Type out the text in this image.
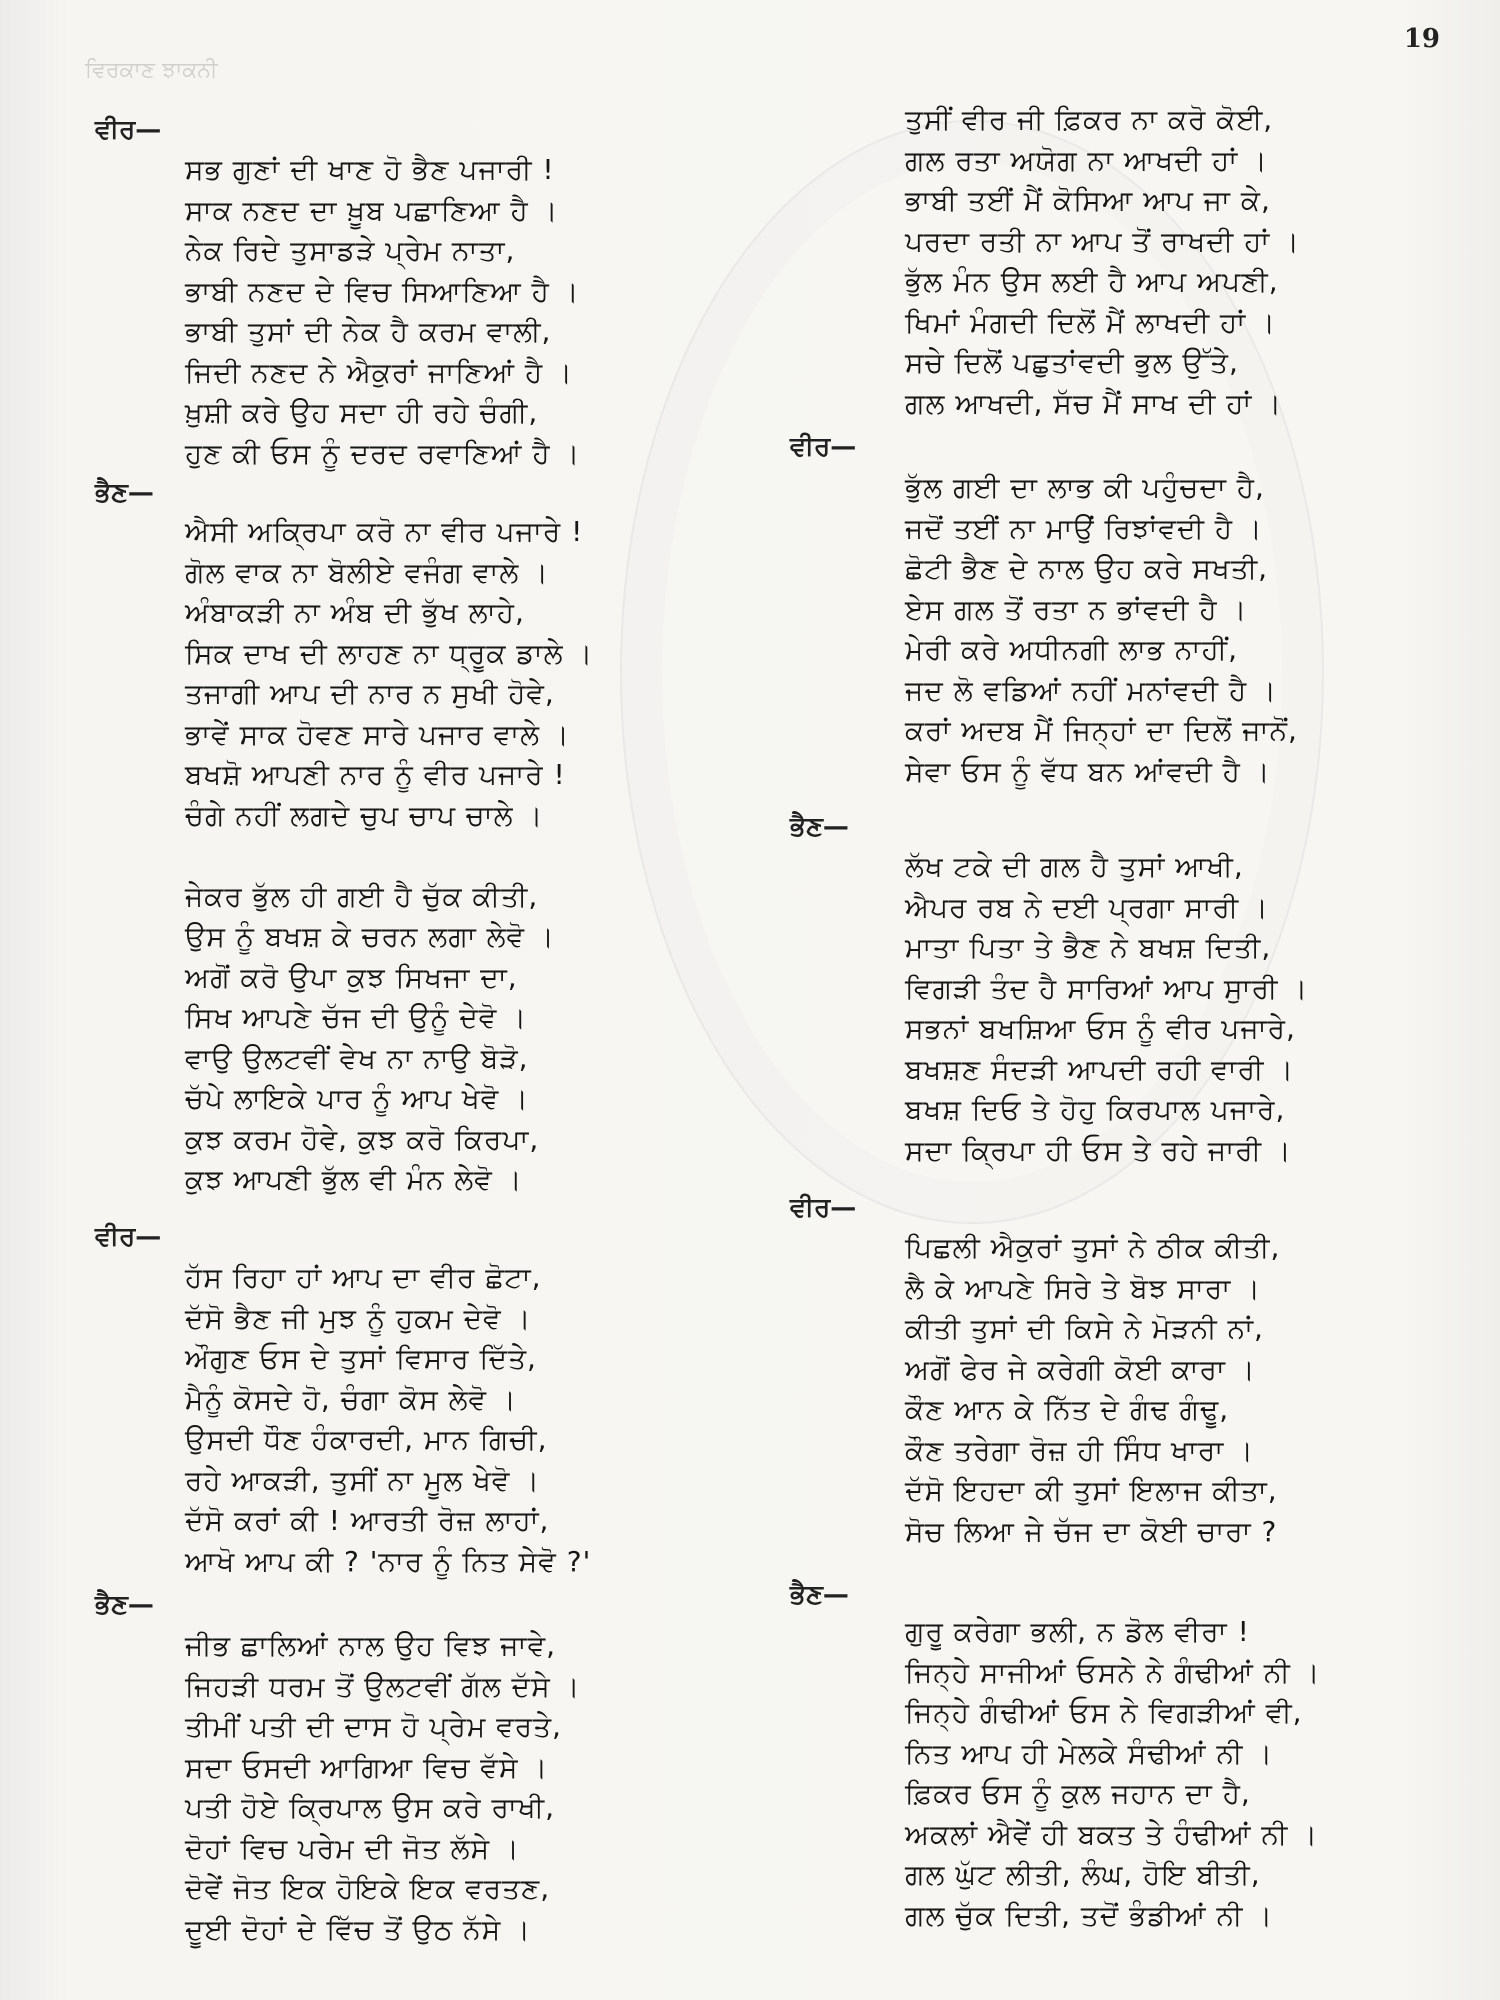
ਵਿਰਕਾਣ ਝਾਕਨੀ
19
ਵੀਰ—
ਸਭ ਗੁਣਾਂ ਦੀ ਖਾਣ ਹੋ ਭੈਣ ਪਜਾਰੀ !
ਸਾਕ ਨਣਦ ਦਾ ਖ਼ੂਬ ਪਛਾਣਿਆ ਹੈ ।
ਨੇਕ ਰਿਦੇ ਤੁਸਾਡੜੇ ਪ੍ਰੇਮ ਨਾਤਾ,
ਭਾਬੀ ਨਣਦ ਦੇ ਵਿਚ ਸਿਆਣਿਆ ਹੈ ।
ਭਾਬੀ ਤੁਸਾਂ ਦੀ ਨੇਕ ਹੈ ਕਰਮ ਵਾਲੀ,
ਜਿਦੀ ਨਣਦ ਨੇ ਐਕੁਰਾਂ ਜਾਣਿਆਂ ਹੈ ।
ਖ਼ੁਸ਼ੀ ਕਰੇ ਉਹ ਸਦਾ ਹੀ ਰਹੇ ਚੰਗੀ,
ਹੁਣ ਕੀ ਓਸ ਨੂੰ ਦਰਦ ਰਵਾਣਿਆਂ ਹੈ ।
ਭੈਣ—
ਐਸੀ ਅਕ੍ਰਿਪਾ ਕਰੋ ਨਾ ਵੀਰ ਪਜਾਰੇ !
ਗੋਲ ਵਾਕ ਨਾ ਬੋਲੀਏ ਵਜੰਗ ਵਾਲੇ ।
ਅੰਬਾਕੜੀ ਨਾ ਅੰਬ ਦੀ ਭੁੱਖ ਲਾਹੇ,
ਸਿਕ ਦਾਖ ਦੀ ਲਾਹਣ ਨਾ ਧ੍ਰੂਕ ਡਾਲੇ ।
ਤਜਾਗੀ ਆਪ ਦੀ ਨਾਰ ਨ ਸੁਖੀ ਹੋਵੇ,
ਭਾਵੇਂ ਸਾਕ ਹੋਵਣ ਸਾਰੇ ਪਜਾਰ ਵਾਲੇ ।
ਬਖਸ਼ੋ ਆਪਣੀ ਨਾਰ ਨੂੰ ਵੀਰ ਪਜਾਰੇ !
ਚੰਗੇ ਨਹੀਂ ਲਗਦੇ ਚੁਪ ਚਾਪ ਚਾਲੇ ।
ਜੇਕਰ ਭੁੱਲ ਹੀ ਗਈ ਹੈ ਚੁੱਕ ਕੀਤੀ,
ਉਸ ਨੂੰ ਬਖਸ਼ ਕੇ ਚਰਨ ਲਗਾ ਲੇਵੋ ।
ਅਗੋਂ ਕਰੋ ਉਪਾ ਕੁਝ ਸਿਖਜਾ ਦਾ,
ਸਿਖ ਆਪਣੇ ਚੱਜ ਦੀ ਉਨੂੰ ਦੇਵੋ ।
ਵਾਉ ਉਲਟਵੀਂ ਵੇਖ ਨਾ ਨਾਉ ਬੋੜੋ,
ਚੱਪੇ ਲਾਇਕੇ ਪਾਰ ਨੂੰ ਆਪ ਖੇਵੋ ।
ਕੁਝ ਕਰਮ ਹੋਵੇ, ਕੁਝ ਕਰੋ ਕਿਰਪਾ,
ਕੁਝ ਆਪਣੀ ਭੁੱਲ ਵੀ ਮੰਨ ਲੇਵੋ ।
ਵੀਰ—
ਹੱਸ ਰਿਹਾ ਹਾਂ ਆਪ ਦਾ ਵੀਰ ਛੋਟਾ,
ਦੱਸੋ ਭੈਣ ਜੀ ਮੁਝ ਨੂੰ ਹੁਕਮ ਦੇਵੋ ।
ਔਗੁਣ ਓਸ ਦੇ ਤੁਸਾਂ ਵਿਸਾਰ ਦਿੱਤੇ,
ਮੈਨੂੰ ਕੋਸਦੇ ਹੋ, ਚੰਗਾ ਕੋਸ ਲੇਵੋ ।
ਉਸਦੀ ਧੌਣ ਹੰਕਾਰਦੀ, ਮਾਨ ਗਿਚੀ,
ਰਹੇ ਆਕੜੀ, ਤੁਸੀਂ ਨਾ ਮੂਲ ਖੇਵੋ ।
ਦੱਸੋ ਕਰਾਂ ਕੀ ! ਆਰਤੀ ਰੋਜ਼ ਲਾਹਾਂ,
ਆਖੋ ਆਪ ਕੀ ? 'ਨਾਰ ਨੂੰ ਨਿਤ ਸੇਵੋ ?'
ਭੈਣ—
ਜੀਭ ਛਾਲਿਆਂ ਨਾਲ ਉਹ ਵਿਝ ਜਾਵੇ,
ਜਿਹੜੀ ਧਰਮ ਤੋਂ ਉਲਟਵੀਂ ਗੱਲ ਦੱਸੇ ।
ਤੀਮੀਂ ਪਤੀ ਦੀ ਦਾਸ ਹੋ ਪ੍ਰੇਮ ਵਰਤੇ,
ਸਦਾ ਓਸਦੀ ਆਗਿਆ ਵਿਚ ਵੱਸੇ ।
ਪਤੀ ਹੋਏ ਕ੍ਰਿਪਾਲ ਉਸ ਕਰੇ ਰਾਖੀ,
ਦੋਹਾਂ ਵਿਚ ਪਰੇਮ ਦੀ ਜੋਤ ਲੱਸੇ ।
ਦੋਵੇਂ ਜੋਤ ਇਕ ਹੋਇਕੇ ਇਕ ਵਰਤਣ,
ਦੂਈ ਦੋਹਾਂ ਦੇ ਵਿੱਚ ਤੋਂ ਉਠ ਨੱਸੇ ।
ਤੁਸੀਂ ਵੀਰ ਜੀ ਫ਼ਿਕਰ ਨਾ ਕਰੋ ਕੋਈ,
ਗਲ ਰਤਾ ਅਯੋਗ ਨਾ ਆਖਦੀ ਹਾਂ ।
ਭਾਬੀ ਤਈਂ ਮੈਂ ਕੋਸਿਆ ਆਪ ਜਾ ਕੇ,
ਪਰਦਾ ਰਤੀ ਨਾ ਆਪ ਤੋਂ ਰਾਖਦੀ ਹਾਂ ।
ਭੁੱਲ ਮੰਨ ਉਸ ਲਈ ਹੈ ਆਪ ਅਪਣੀ,
ਖਿਮਾਂ ਮੰਗਦੀ ਦਿਲੋਂ ਮੈਂ ਲਾਖਦੀ ਹਾਂ ।
ਸਚੇ ਦਿਲੋਂ ਪਛੁਤਾਂਵਦੀ ਭੁਲ ਉੱਤੇ,
ਗਲ ਆਖਦੀ, ਸੱਚ ਮੈਂ ਸਾਖ ਦੀ ਹਾਂ ।
ਵੀਰ—
ਭੁੱਲ ਗਈ ਦਾ ਲਾਭ ਕੀ ਪਹੁੰਚਦਾ ਹੈ,
ਜਦੋਂ ਤਈਂ ਨਾ ਮਾਉਂ ਰਿਝਾਂਵਦੀ ਹੈ ।
ਛੋਟੀ ਭੈਣ ਦੇ ਨਾਲ ਉਹ ਕਰੇ ਸਖਤੀ,
ਏਸ ਗਲ ਤੋਂ ਰਤਾ ਨ ਭਾਂਵਦੀ ਹੈ ।
ਮੇਰੀ ਕਰੇ ਅਧੀਨਗੀ ਲਾਭ ਨਾਹੀਂ,
ਜਦ ਲੋ ਵਡਿਆਂ ਨਹੀਂ ਮਨਾਂਵਦੀ ਹੈ ।
ਕਰਾਂ ਅਦਬ ਮੈਂ ਜਿਨ੍ਹਾਂ ਦਾ ਦਿਲੋਂ ਜਾਨੋਂ,
ਸੇਵਾ ਓਸ ਨੂੰ ਵੱਧ ਬਨ ਆਂਵਦੀ ਹੈ ।
ਭੈਣ—
ਲੱਖ ਟਕੇ ਦੀ ਗਲ ਹੈ ਤੁਸਾਂ ਆਖੀ,
ਐਪਰ ਰਬ ਨੇ ਦਈ ਪ੍ਰਗਾ ਸਾਰੀ ।
ਮਾਤਾ ਪਿਤਾ ਤੇ ਭੈਣ ਨੇ ਬਖਸ਼ ਦਿਤੀ,
ਵਿਗੜੀ ਤੰਦ ਹੈ ਸਾਰਿਆਂ ਆਪ ਸੁਾਰੀ ।
ਸਭਨਾਂ ਬਖਸ਼ਿਆ ਓਸ ਨੂੰ ਵੀਰ ਪਜਾਰੇ,
ਬਖਸ਼ਣ ਸੰਦੜੀ ਆਪਦੀ ਰਹੀ ਵਾਰੀ ।
ਬਖਸ਼ ਦਿਓ ਤੇ ਹੋਹੁ ਕਿਰਪਾਲ ਪਜਾਰੇ,
ਸਦਾ ਕ੍ਰਿਪਾ ਹੀ ਓਸ ਤੇ ਰਹੇ ਜਾਰੀ ।
ਵੀਰ—
ਪਿਛਲੀ ਐਕੁਰਾਂ ਤੁਸਾਂ ਨੇ ਠੀਕ ਕੀਤੀ,
ਲੈ ਕੇ ਆਪਣੇ ਸਿਰੇ ਤੇ ਬੋਝ ਸਾਰਾ ।
ਕੀਤੀ ਤੁਸਾਂ ਦੀ ਕਿਸੇ ਨੇ ਮੋੜਨੀ ਨਾਂ,
ਅਗੋਂ ਫੇਰ ਜੇ ਕਰੇਗੀ ਕੋਈ ਕਾਰਾ ।
ਕੌਣ ਆਨ ਕੇ ਨਿੱਤ ਦੇ ਗੰਢ ਗੰਢੂ,
ਕੌਣ ਤਰੇਗਾ ਰੋਜ਼ ਹੀ ਸਿੰਧ ਖਾਰਾ ।
ਦੱਸੋ ਇਹਦਾ ਕੀ ਤੁਸਾਂ ਇਲਾਜ ਕੀਤਾ,
ਸੋਚ ਲਿਆ ਜੇ ਚੱਜ ਦਾ ਕੋਈ ਚਾਰਾ ?
ਭੈਣ—
ਗੁਰੂ ਕਰੇਗਾ ਭਲੀ, ਨ ਡੋਲ ਵੀਰਾ !
ਜਿਨ੍ਹੇ ਸਾਜੀਆਂ ਓਸਨੇ ਨੇ ਗੰਢੀਆਂ ਨੀ ।
ਜਿਨ੍ਹੇ ਗੰਢੀਆਂ ਓਸ ਨੇ ਵਿਗੜੀਆਂ ਵੀ,
ਨਿਤ ਆਪ ਹੀ ਮੇਲਕੇ ਸੰਢੀਆਂ ਨੀ ।
ਫ਼ਿਕਰ ਓਸ ਨੂੰ ਕੁਲ ਜਹਾਨ ਦਾ ਹੈ,
ਅਕਲਾਂ ਐਵੇਂ ਹੀ ਬਕਤ ਤੇ ਹੰਢੀਆਂ ਨੀ ।
ਗਲ ਘੁੱਟ ਲੀਤੀ, ਲੰਘ, ਹੋਇ ਬੀਤੀ,
ਗਲ ਚੁੱਕ ਦਿਤੀ, ਤਦੋਂ ਭੰਡੀਆਂ ਨੀ ।
